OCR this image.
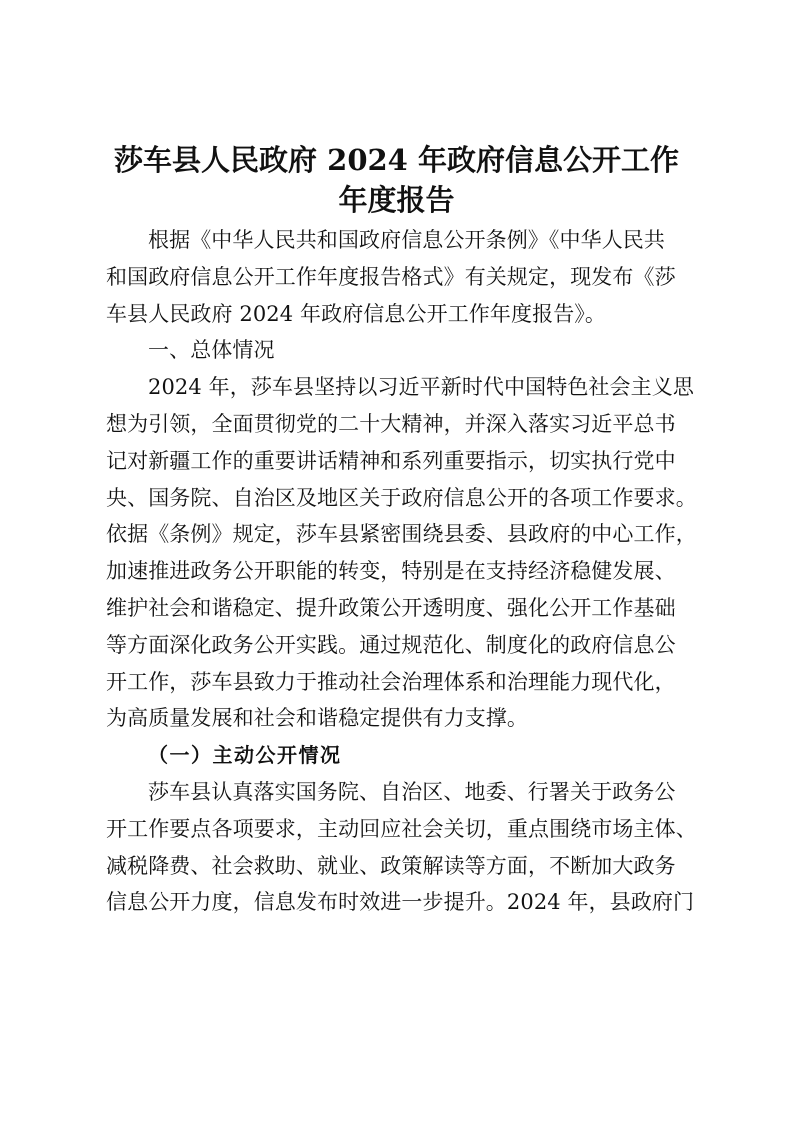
莎车县人民政府 2024 年政府信息公开工作
年度报告
根据《中华人民共和国政府信息公开条例》《中华人民共
和国政府信息公开工作年度报告格式》有关规定，现发布《莎
车县人民政府 2024 年政府信息公开工作年度报告》。
一、总体情况
2024 年，莎车县坚持以习近平新时代中国特色社会主义思
想为引领，全面贯彻党的二十大精神，并深入落实习近平总书
记对新疆工作的重要讲话精神和系列重要指示，切实执行党中
央、国务院、自治区及地区关于政府信息公开的各项工作要求。
依据《条例》规定，莎车县紧密围绕县委、县政府的中心工作，
加速推进政务公开职能的转变，特别是在支持经济稳健发展、
维护社会和谐稳定、提升政策公开透明度、强化公开工作基础
等方面深化政务公开实践。通过规范化、制度化的政府信息公
开工作，莎车县致力于推动社会治理体系和治理能力现代化，
为高质量发展和社会和谐稳定提供有力支撑。
（一）主动公开情况
莎车县认真落实国务院、自治区、地委、行署关于政务公
开工作要点各项要求，主动回应社会关切，重点围绕市场主体、
减税降费、社会救助、就业、政策解读等方面，不断加大政务
信息公开力度，信息发布时效进一步提升。2024 年，县政府门
